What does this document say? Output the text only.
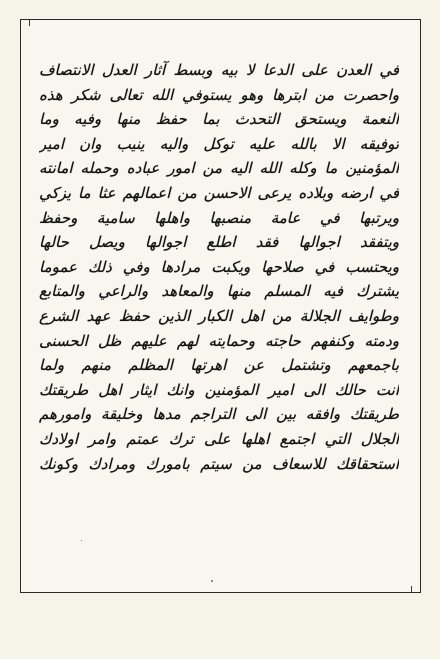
في العدن على الدعا لا بيه وبسط آثار العدل الانتصاف
واحصرت من ابترها وهو يستوفي الله تعالى شكر هذه
النعمة ويستحق التحدث بما حفظ منها وفيه وما
توفيقه الا بالله عليه توكل واليه ينيب وان امير
المؤمنين ما وكله الله اليه من امور عباده وحمله امانته
في ارضه وبلاده يرعى الاحسن من اعمالهم عثا ما يزكي
ويرتبها في عامة منصبها واهلها سامية وحفظ
ويتفقد اجوالها فقد اطلع اجوالها ويصل حالها
ويحتسب في صلاحها ويكبت مرادها وفي ذلك عموما
يشترك فيه المسلم منها والمعاهد والراعي والمتابع
وطوايف الجلالة من اهل الكبار الذين حفظ عهد الشرع
ودمته وكنفهم حاجته وحمايته لهم عليهم ظل الحسنى
باجمعهم وتشتمل عن اهرتها المظلم منهم ولما
انت حالك الى امير المؤمنين وانك ايثار اهل طريقتك
طريقتك وافقه بين الى التراجم مدها وخليقة وامورهم
الجلال التي اجتمع اهلها على ترك عمتم وامر اولادك
استحقاقك للاسعاف من سيتم بامورك ومرادك وكونك
